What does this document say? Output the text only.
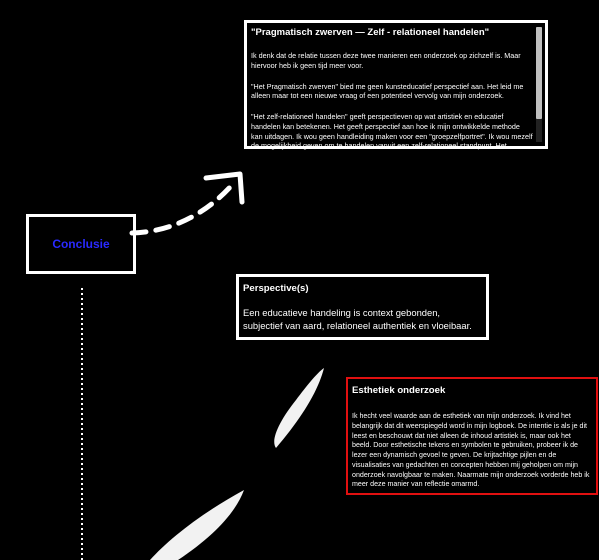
"Pragmatisch zwerven — Zelf - relationeel handelen"

Ik denk dat de relatie tussen deze twee manieren een onderzoek op zichzelf is. Maar hiervoor heb ik geen tijd meer voor.

"Het Pragmatisch zwerven" bied me geen kunsteducatief perspectief aan. Het leid me alleen maar tot een nieuwe vraag of een potentieel vervolg van mijn onderzoek.

"Het zelf-relationeel handelen" geeft perspectieven op wat artistiek en educatief handelen kan betekenen. Het geeft perspectief aan hoe ik mijn ontwikkelde methode kan uitdagen. Ik wou geen handleiding maken voor een "groepzelfportret". Ik wou mezelf de mogelijkheid geven om te handelen vanuit een zelf-relationeel standpunt. Het

Conclusie
Perspective(s)

Een educatieve handeling is context gebonden, subjectief van aard, relationeel authentiek en vloeibaar.

Esthetiek onderzoek

Ik hecht veel waarde aan de esthetiek van mijn onderzoek. Ik vind het belangrijk dat dit weerspiegeld word in mijn logboek. De intentie is als je dit leest en beschouwt dat niet alleen de inhoud artistiek is, maar ook het beeld. Door esthetische tekens en symbolen te gebruiken, probeer ik de lezer een dynamisch gevoel te geven. De krijtachtige pijlen en de visualisaties van gedachten en concepten hebben mij geholpen om mijn onderzoek navolgbaar te maken. Naarmate mijn onderzoek vorderde heb ik meer deze manier van reflectie omarmd.
